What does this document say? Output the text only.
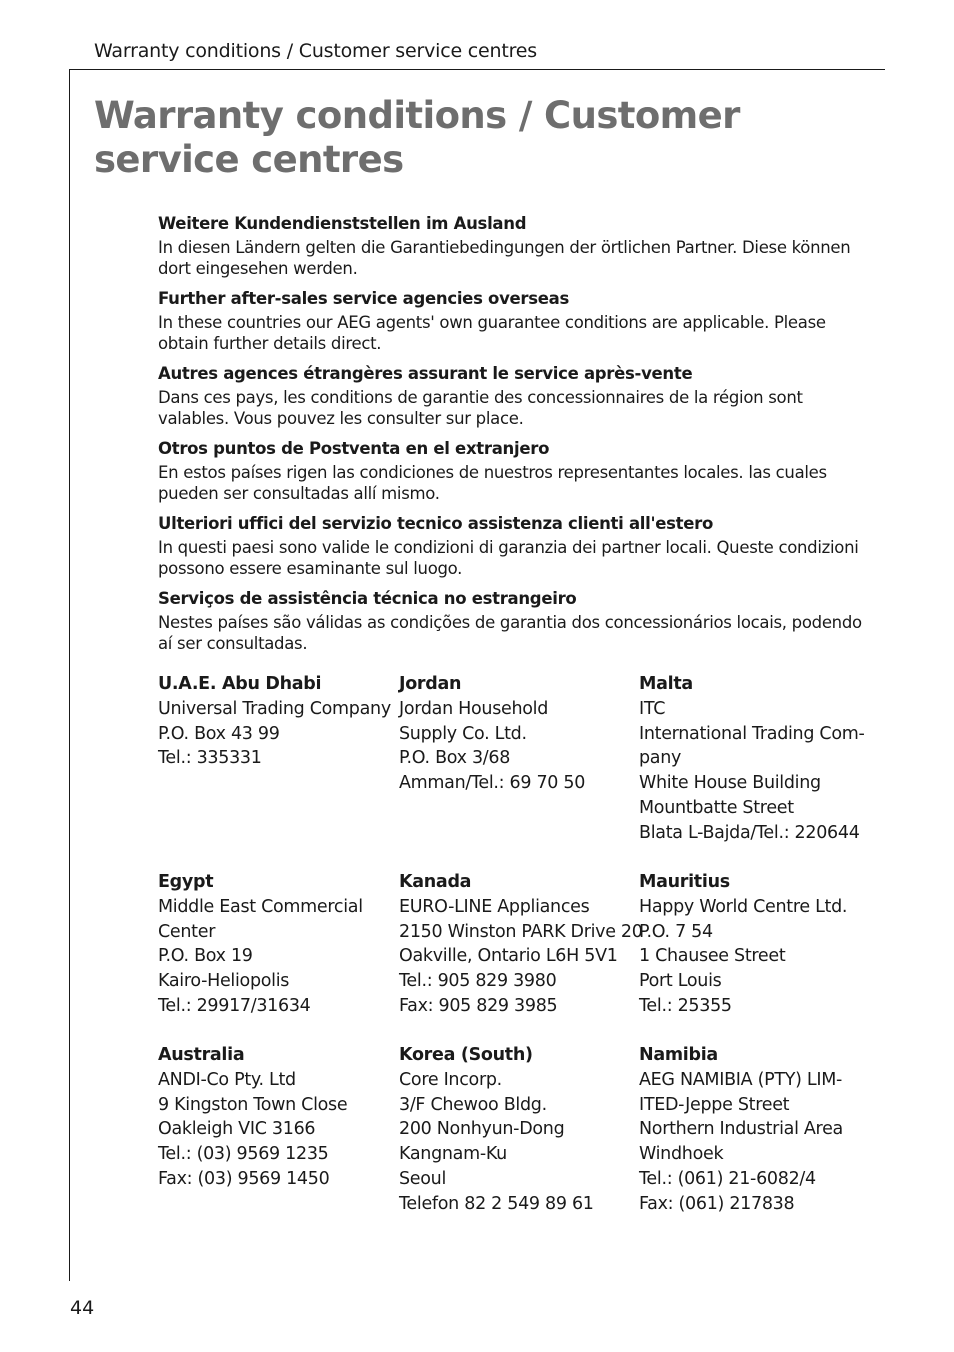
Warranty conditions / Customer service centres
Warranty conditions / Customer service centres
Weitere Kundendienststellen im Ausland
In diesen Ländern gelten die Garantiebedingungen der örtlichen Partner. Diese können dort eingesehen werden.
Further after-sales service agencies overseas
In these countries our AEG agents' own guarantee conditions are applicable. Please obtain further details direct.
Autres agences étrangères assurant le service après-vente
Dans ces pays, les conditions de garantie des concessionnaires de la région sont valables. Vous pouvez les consulter sur place.
Otros puntos de Postventa en el extranjero
En estos países rigen las condiciones de nuestros representantes locales. las cuales pueden ser consultadas allí mismo.
Ulteriori uffici del servizio tecnico assistenza clienti all'estero
In questi paesi sono valide le condizioni di garanzia dei partner locali. Queste condizioni possono essere esaminante sul luogo.
Serviços de assistência técnica no estrangeiro
Nestes países são válidas as condições de garantia dos concessionários locais, podendo aí ser consultadas.
U.A.E. Abu Dhabi
Universal Trading Company
P.O. Box 43 99
Tel.: 335331
Jordan
Jordan Household
Supply Co. Ltd.
P.O. Box 3/68
Amman/Tel.: 69 70 50
Malta
ITC
International Trading Com-
pany
White House Building
Mountbatte Street
Blata L-Bajda/Tel.: 220644
Egypt
Middle East Commercial
Center
P.O. Box 19
Kairo-Heliopolis
Tel.: 29917/31634
Kanada
EURO-LINE Appliances
2150 Winston PARK Drive 20
Oakville, Ontario L6H 5V1
Tel.: 905 829 3980
Fax: 905 829 3985
Mauritius
Happy World Centre Ltd.
P.O. 7 54
1 Chausee Street
Port Louis
Tel.: 25355
Australia
ANDI-Co Pty. Ltd
9 Kingston Town Close
Oakleigh VIC 3166
Tel.: (03) 9569 1235
Fax: (03) 9569 1450
Korea (South)
Core Incorp.
3/F Chewoo Bldg.
200 Nonhyun-Dong
Kangnam-Ku
Seoul
Telefon 82 2 549 89 61
Namibia
AEG NAMIBIA (PTY) LIM-
ITED-Jeppe Street
Northern Industrial Area
Windhoek
Tel.: (061) 21-6082/4
Fax: (061) 217838
44
